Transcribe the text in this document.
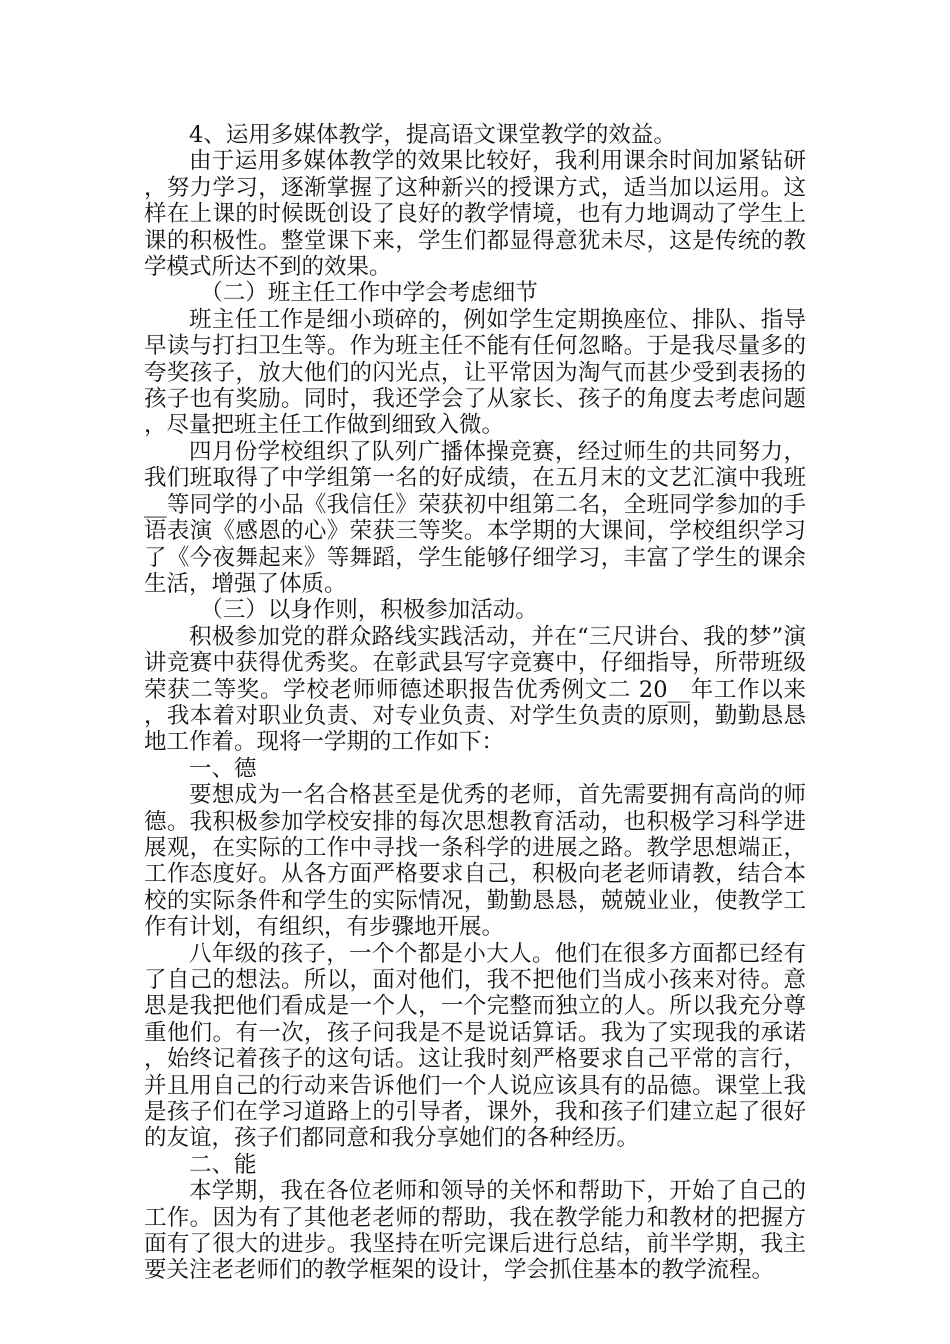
4、运用多媒体教学，提高语文课堂教学的效益。

由于运用多媒体教学的效果比较好，我利用课余时间加紧钻研，努力学习，逐渐掌握了这种新兴的授课方式，适当加以运用。这样在上课的时候既创设了良好的教学情境，也有力地调动了学生上课的积极性。整堂课下来，学生们都显得意犹未尽，这是传统的教学模式所达不到的效果。

（二）班主任工作中学会考虑细节

班主任工作是细小琐碎的，例如学生定期换座位、排队、指导早读与打扫卫生等。作为班主任不能有任何忽略。于是我尽量多的夸奖孩子，放大他们的闪光点，让平常因为淘气而甚少受到表扬的孩子也有奖励。同时，我还学会了从家长、孩子的角度去考虑问题，尽量把班主任工作做到细致入微。

四月份学校组织了队列广播体操竞赛，经过师生的共同努力，我们班取得了中学组第一名的好成绩，在五月末的文艺汇演中我班__等同学的小品《我信任》荣获初中组第二名，全班同学参加的手语表演《感恩的心》荣获三等奖。本学期的大课间，学校组织学习了《今夜舞起来》等舞蹈，学生能够仔细学习，丰富了学生的课余生活，增强了体质。

（三）以身作则，积极参加活动。

积极参加党的群众路线实践活动，并在“三尺讲台、我的梦”演讲竞赛中获得优秀奖。在彰武县写字竞赛中，仔细指导，所带班级荣获二等奖。学校老师师德述职报告优秀例文二 20__年工作以来，我本着对职业负责、对专业负责、对学生负责的原则，勤勤恳恳地工作着。现将一学期的工作如下：

一、德

要想成为一名合格甚至是优秀的老师，首先需要拥有高尚的师德。我积极参加学校安排的每次思想教育活动，也积极学习科学进展观，在实际的工作中寻找一条科学的进展之路。教学思想端正，工作态度好。从各方面严格要求自己，积极向老老师请教，结合本校的实际条件和学生的实际情况，勤勤恳恳，兢兢业业，使教学工作有计划，有组织，有步骤地开展。

八年级的孩子，一个个都是小大人。他们在很多方面都已经有了自己的想法。所以，面对他们，我不把他们当成小孩来对待。意思是我把他们看成是一个人，一个完整而独立的人。所以我充分尊重他们。有一次，孩子问我是不是说话算话。我为了实现我的承诺，始终记着孩子的这句话。这让我时刻严格要求自己平常的言行，并且用自己的行动来告诉他们一个人说应该具有的品德。课堂上我是孩子们在学习道路上的引导者，课外，我和孩子们建立起了很好的友谊，孩子们都同意和我分享她们的各种经历。

二、能

本学期，我在各位老师和领导的关怀和帮助下，开始了自己的工作。因为有了其他老老师的帮助，我在教学能力和教材的把握方面有了很大的进步。我坚持在听完课后进行总结，前半学期，我主要关注老老师们的教学框架的设计，学会抓住基本的教学流程。
